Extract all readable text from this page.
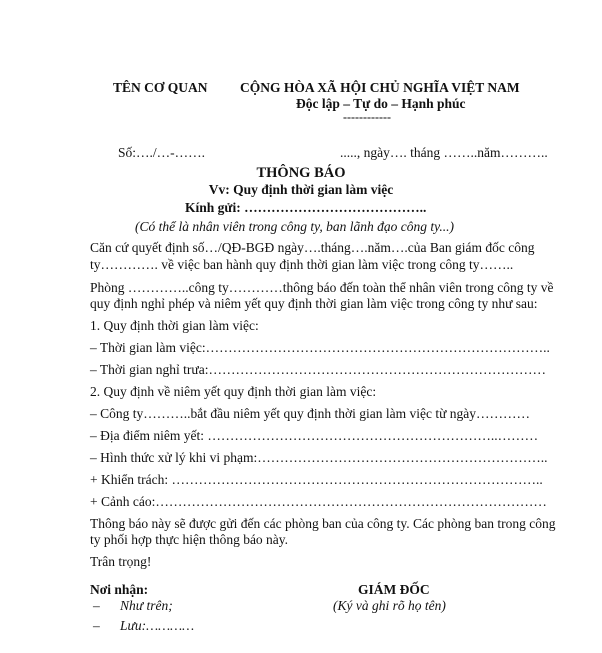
TÊN CƠ QUAN CỘNG HÒA XÃ HỘI CHỦ NGHĨA VIỆT NAM
Độc lập – Tự do – Hạnh phúc
------------
Số:…./…-…….	....., ngày…. tháng ……..năm………..
THÔNG BÁO
Vv: Quy định thời gian làm việc
Kính gửi: …………………………………..
(Có thể là nhân viên trong công ty, ban lãnh đạo công ty...)
Căn cứ quyết định số…/QĐ-BGĐ ngày….tháng….năm….của Ban giám đốc công
ty…………. về việc ban hành quy định thời gian làm việc trong công ty……..
Phòng …………..công ty…………thông báo đến toàn thể nhân viên trong công ty về
quy định nghỉ phép và niêm yết quy định thời gian làm việc trong công ty như sau:
1. Quy định thời gian làm việc:
– Thời gian làm việc:…………………………………………………………………..
– Thời gian nghỉ trưa:…………………………………………………………………
2. Quy định về niêm yết quy định thời gian làm việc:
– Công ty………..bắt đầu niêm yết quy định thời gian làm việc từ ngày…………
– Địa điểm niêm yết: ………………………………………………………..………
– Hình thức xử lý khi vi phạm:………………………………………………………..
+ Khiển trách: ………………………………………………………………………..
+ Cảnh cáo:……………………………………………………………………………
Thông báo này sẽ được gửi đến các phòng ban của công ty. Các phòng ban trong công
ty phối hợp thực hiện thông báo này.
Trân trọng!
Nơi nhận:
– Như trên;
– Lưu:…………
GIÁM ĐỐC
(Ký và ghi rõ họ tên)
